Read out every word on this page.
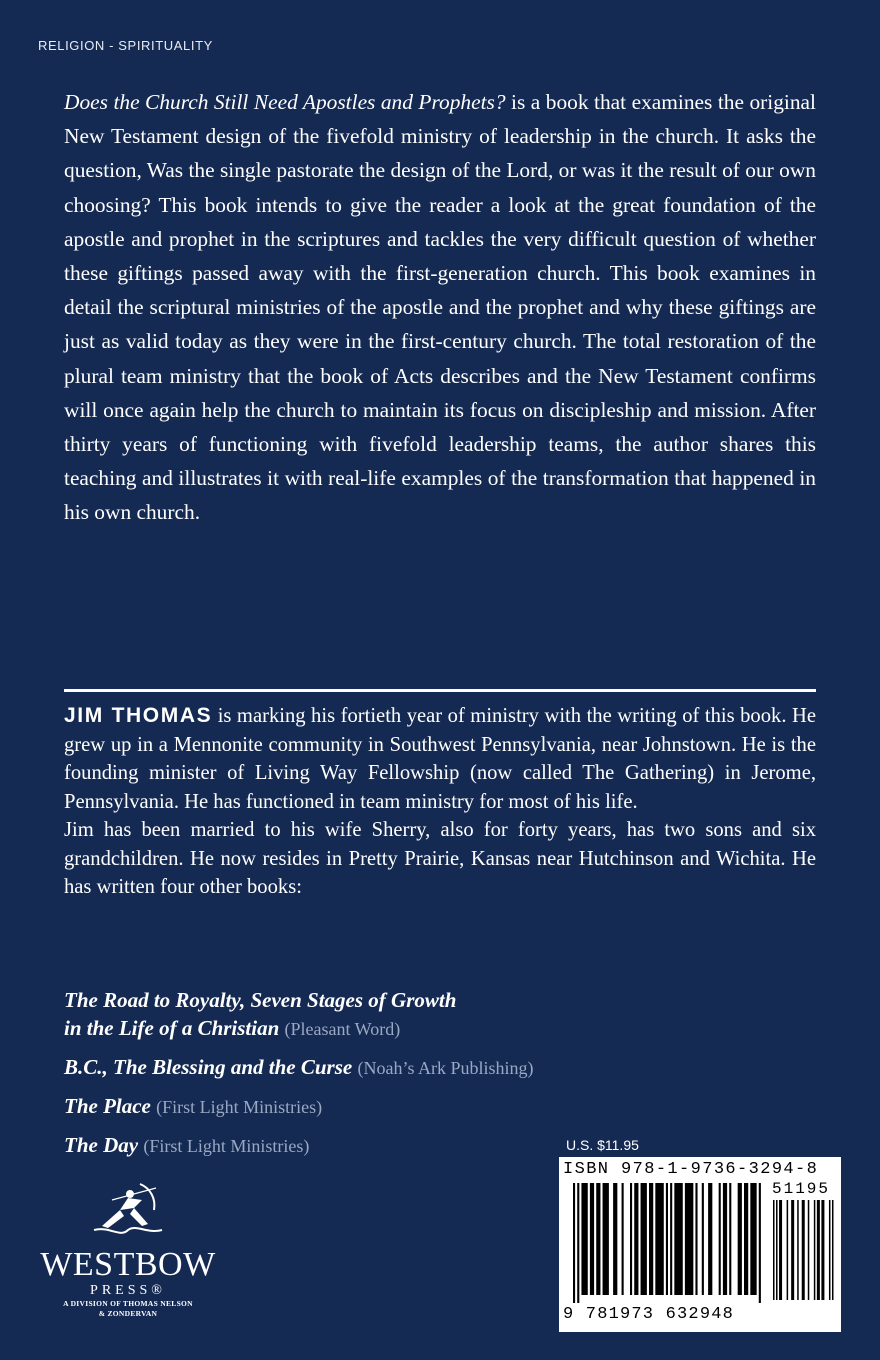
RELIGION - SPIRITUALITY

Does the Church Still Need Apostles and Prophets? is a book that examines the original New Testament design of the fivefold ministry of leadership in the church. It asks the question, Was the single pastorate the design of the Lord, or was it the result of our own choosing? This book intends to give the reader a look at the great foundation of the apostle and prophet in the scriptures and tackles the very difficult question of whether these giftings passed away with the first-generation church. This book examines in detail the scriptural ministries of the apostle and the prophet and why these giftings are just as valid today as they were in the first-century church. The total restoration of the plural team ministry that the book of Acts describes and the New Testament confirms will once again help the church to maintain its focus on discipleship and mission. After thirty years of functioning with fivefold leadership teams, the author shares this teaching and illustrates it with real-life examples of the transformation that happened in his own church.

JIM THOMAS is marking his fortieth year of ministry with the writing of this book. He grew up in a Mennonite community in Southwest Pennsylvania, near Johnstown. He is the founding minister of Living Way Fellowship (now called The Gathering) in Jerome, Pennsylvania. He has functioned in team ministry for most of his life.

Jim has been married to his wife Sherry, also for forty years, has two sons and six grandchildren. He now resides in Pretty Prairie, Kansas near Hutchinson and Wichita. He has written four other books:

The Road to Royalty, Seven Stages of Growth
in the Life of a Christian (Pleasant Word)
B.C., The Blessing and the Curse (Noah’s Ark Publishing)
The Place (First Light Ministries)
The Day (First Light Ministries)	U.S. $11.95
ISBN 978-1-9736-3294-8
51195
9 781973 632948
WESTBOW
PRESS®
A DIVISION OF THOMAS NELSON
& ZONDERVAN
